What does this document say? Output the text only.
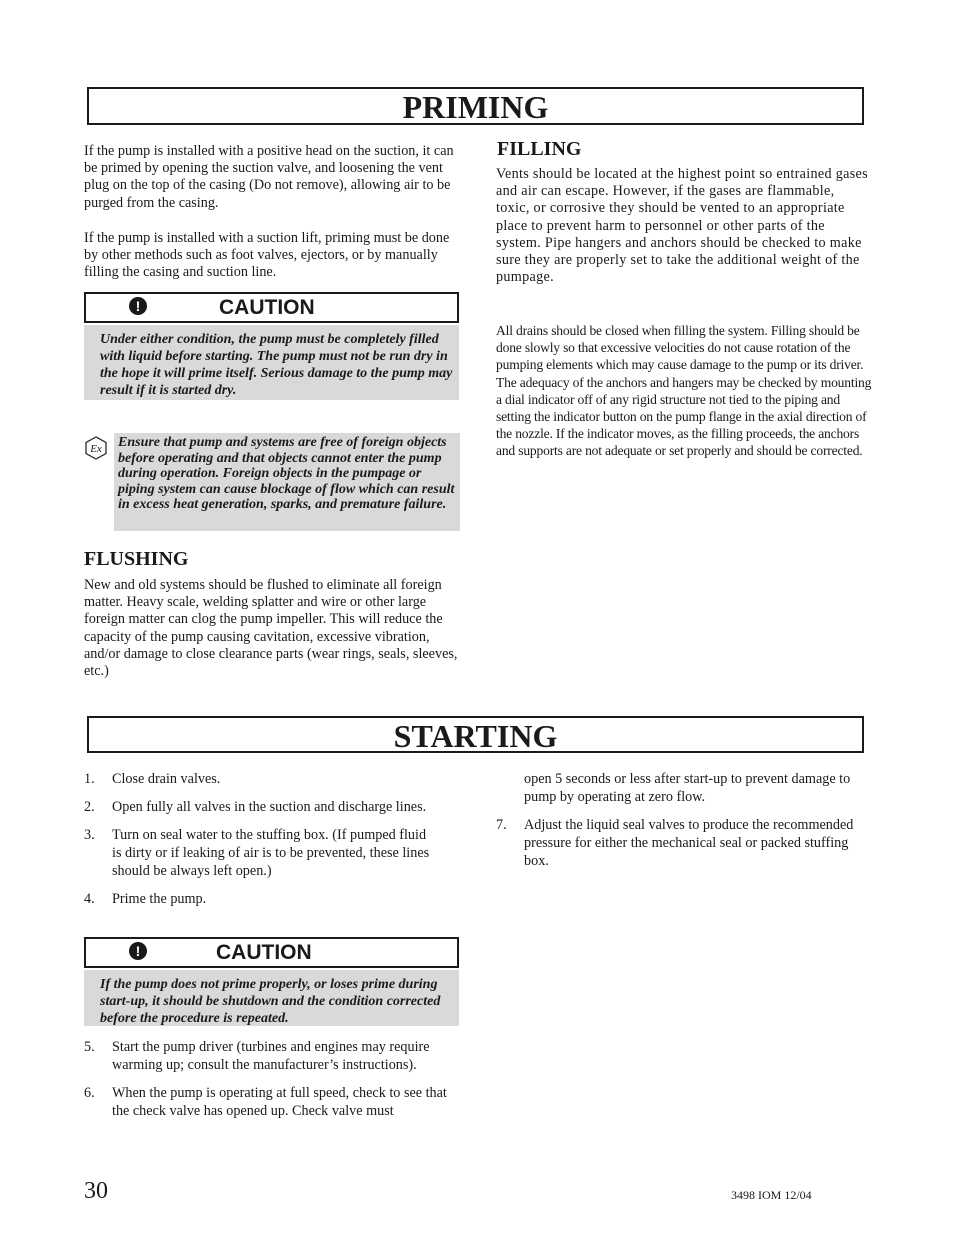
PRIMING

If the pump is installed with a positive head on the suction, it can be primed by opening the suction valve, and loosening the vent plug on the top of the casing (Do not remove), allowing air to be purged from the casing.

If the pump is installed with a suction lift, priming must be done by other methods such as foot valves, ejectors, or by manually filling the casing and suction line.

!	CAUTION
Under either condition, the pump must be completely filled with liquid before starting. The pump must not be run dry in the hope it will prime itself. Serious damage to the pump may result if it is started dry.
Ex Ensure that pump and systems are free of foreign objects before operating and that objects cannot enter the pump during operation. Foreign objects in the pumpage or piping system can cause blockage of flow which can result in excess heat generation, sparks, and premature failure.
FLUSHING
New and old systems should be flushed to eliminate all foreign matter. Heavy scale, welding splatter and wire or other large foreign matter can clog the pump impeller. This will reduce the capacity of the pump causing cavitation, excessive vibration, and/or damage to close clearance parts (wear rings, seals, sleeves, etc.)
FILLING
Vents should be located at the highest point so entrained gases and air can escape. However, if the gases are flammable, toxic, or corrosive they should be vented to an appropriate place to prevent harm to personnel or other parts of the system. Pipe hangers and anchors should be checked to make sure they are properly set to take the additional weight of the pumpage.
All drains should be closed when filling the system. Filling should be done slowly so that excessive velocities do not cause rotation of the pumping elements which may cause damage to the pump or its driver. The adequacy of the anchors and hangers may be checked by mounting a dial indicator off of any rigid structure not tied to the piping and setting the indicator button on the pump flange in the axial direction of the nozzle. If the indicator moves, as the filling proceeds, the anchors and supports are not adequate or set properly and should be corrected.
STARTING
1. Close drain valves.
2. Open fully all valves in the suction and discharge lines.
3. Turn on seal water to the stuffing box. (If pumped fluid is dirty or if leaking of air is to be prevented, these lines should be always left open.)
4. Prime the pump.
!	CAUTION
If the pump does not prime properly, or loses prime during start-up, it should be shutdown and the condition corrected before the procedure is repeated.
5. Start the pump driver (turbines and engines may require warming up; consult the manufacturer’s instructions).
6. When the pump is operating at full speed, check to see that the check valve has opened up. Check valve must
open 5 seconds or less after start-up to prevent damage to pump by operating at zero flow.
7. Adjust the liquid seal valves to produce the recommended pressure for either the mechanical seal or packed stuffing box.
30	3498 IOM 12/04
